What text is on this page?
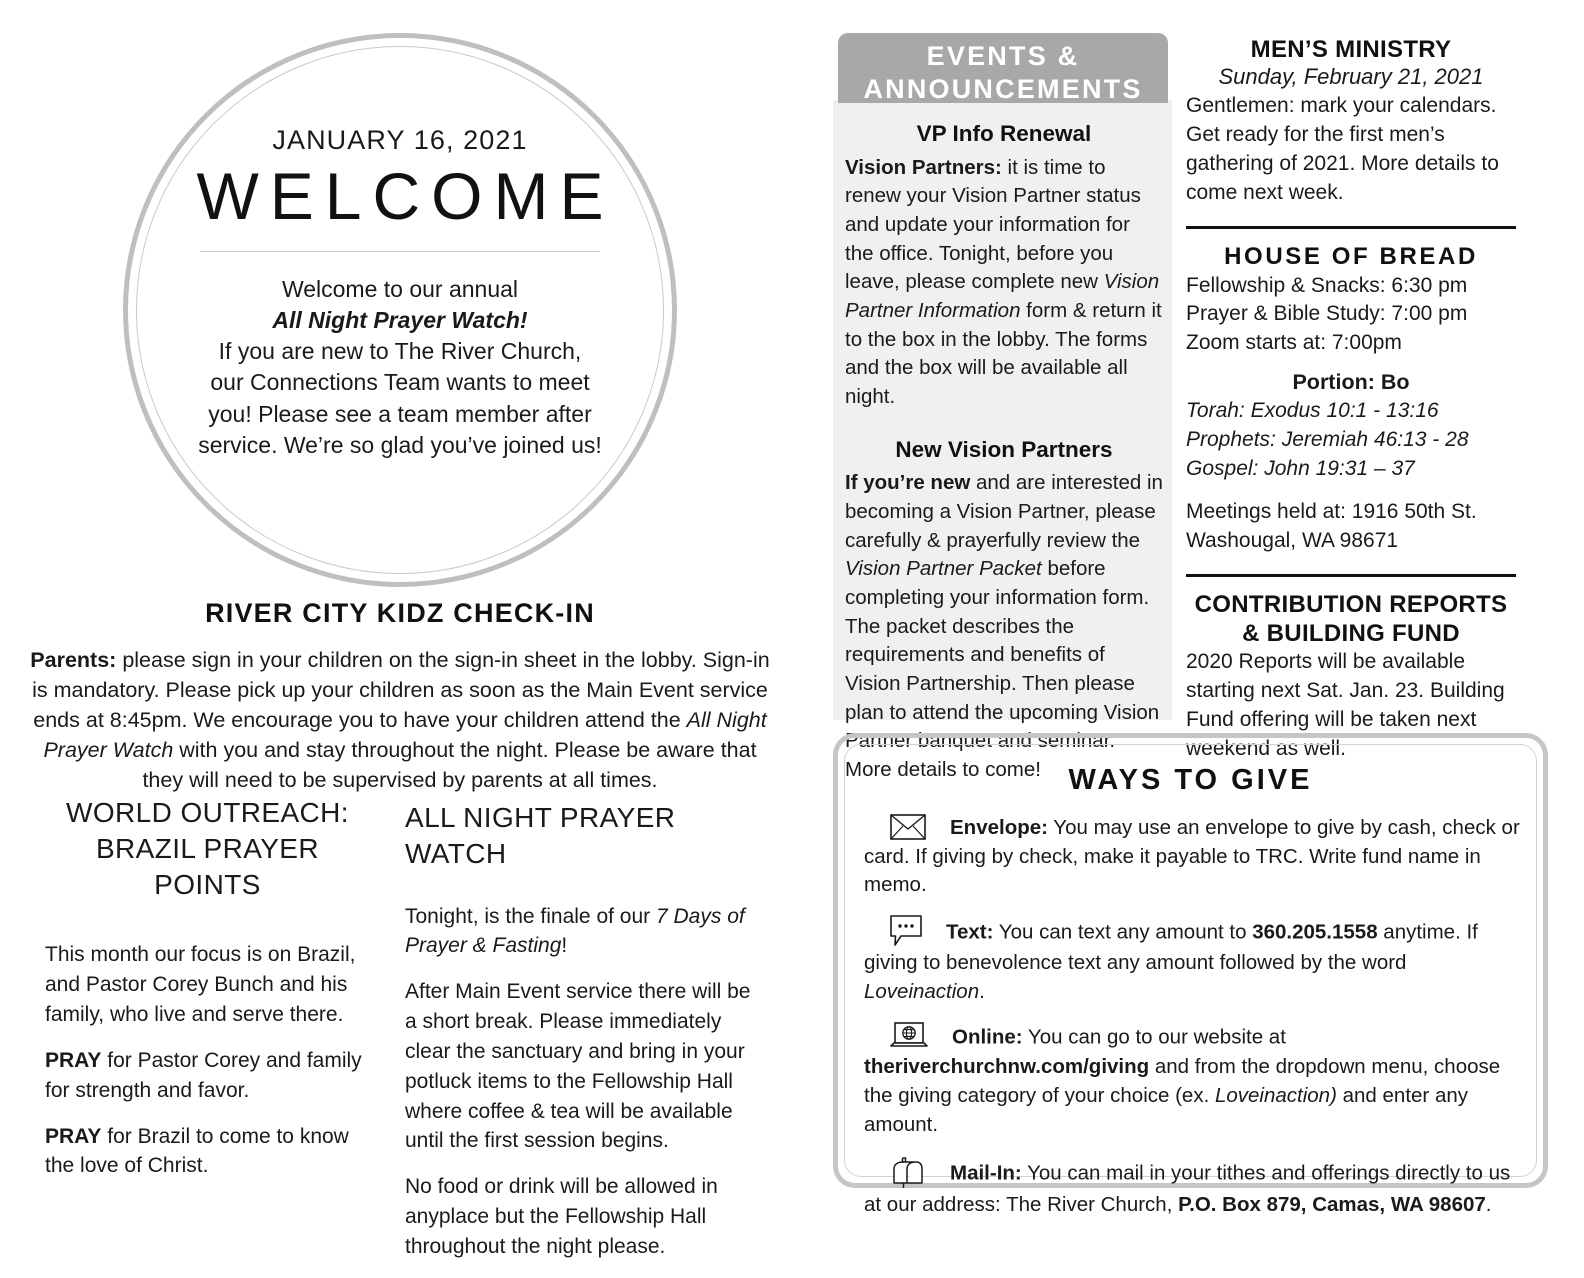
JANUARY 16, 2021
WELCOME
Welcome to our annual
All Night Prayer Watch!
If you are new to The River Church,
our Connections Team wants to meet
you! Please see a team member after
service. We’re so glad you’ve joined us!
RIVER CITY KIDZ CHECK-IN
Parents: please sign in your children on the sign-in sheet in the lobby. Sign-in is mandatory. Please pick up your children as soon as the Main Event service ends at 8:45pm. We encourage you to have your children attend the All Night Prayer Watch with you and stay throughout the night. Please be aware that they will need to be supervised by parents at all times.
WORLD OUTREACH:
BRAZIL PRAYER POINTS

This month our focus is on Brazil, and Pastor Corey Bunch and his family, who live and serve there.

PRAY for Pastor Corey and family for strength and favor.

PRAY for Brazil to come to know the love of Christ.

ALL NIGHT PRAYER WATCH

Tonight, is the finale of our 7 Days of Prayer & Fasting!

After Main Event service there will be a short break. Please immediately clear the sanctuary and bring in your potluck items to the Fellowship Hall where coffee & tea will be available until the first session begins.

No food or drink will be allowed in anyplace but the Fellowship Hall throughout the night please.

EVENTS &
ANNOUNCEMENTS
VP Info Renewal
Vision Partners: it is time to renew your Vision Partner status and update your information for the office. Tonight, before you leave, please complete new Vision Partner Information form & return it to the box in the lobby. The forms and the box will be available all night.
New Vision Partners
If you’re new and are interested in becoming a Vision Partner, please carefully & prayerfully review the Vision Partner Packet before completing your information form. The packet describes the requirements and benefits of Vision Partnership. Then please plan to attend the upcoming Vision Partner banquet and seminar. More details to come!
MEN’S MINISTRY
Sunday, February 21, 2021
Gentlemen: mark your calendars. Get ready for the first men’s gathering of 2021. More details to come next week.
HOUSE OF BREAD
Fellowship & Snacks: 6:30 pm
Prayer & Bible Study: 7:00 pm
Zoom starts at: 7:00pm
Portion: Bo
Torah: Exodus 10:1 - 13:16
Prophets: Jeremiah 46:13 - 28
Gospel: John 19:31 – 37
Meetings held at: 1916 50th St.
Washougal, WA 98671
CONTRIBUTION REPORTS
& BUILDING FUND
2020 Reports will be available starting next Sat. Jan. 23. Building Fund offering will be taken next weekend as well.
WAYS TO GIVE
Envelope: You may use an envelope to give by cash, check or card. If giving by check, make it payable to TRC. Write fund name in memo.
Text: You can text any amount to 360.205.1558 anytime. If giving to benevolence text any amount followed by the word Loveinaction.
Online: You can go to our website at theriverchurchnw.com/giving and from the dropdown menu, choose the giving category of your choice (ex. Loveinaction) and enter any amount.
Mail-In: You can mail in your tithes and offerings directly to us at our address: The River Church, P.O. Box 879, Camas, WA 98607.
